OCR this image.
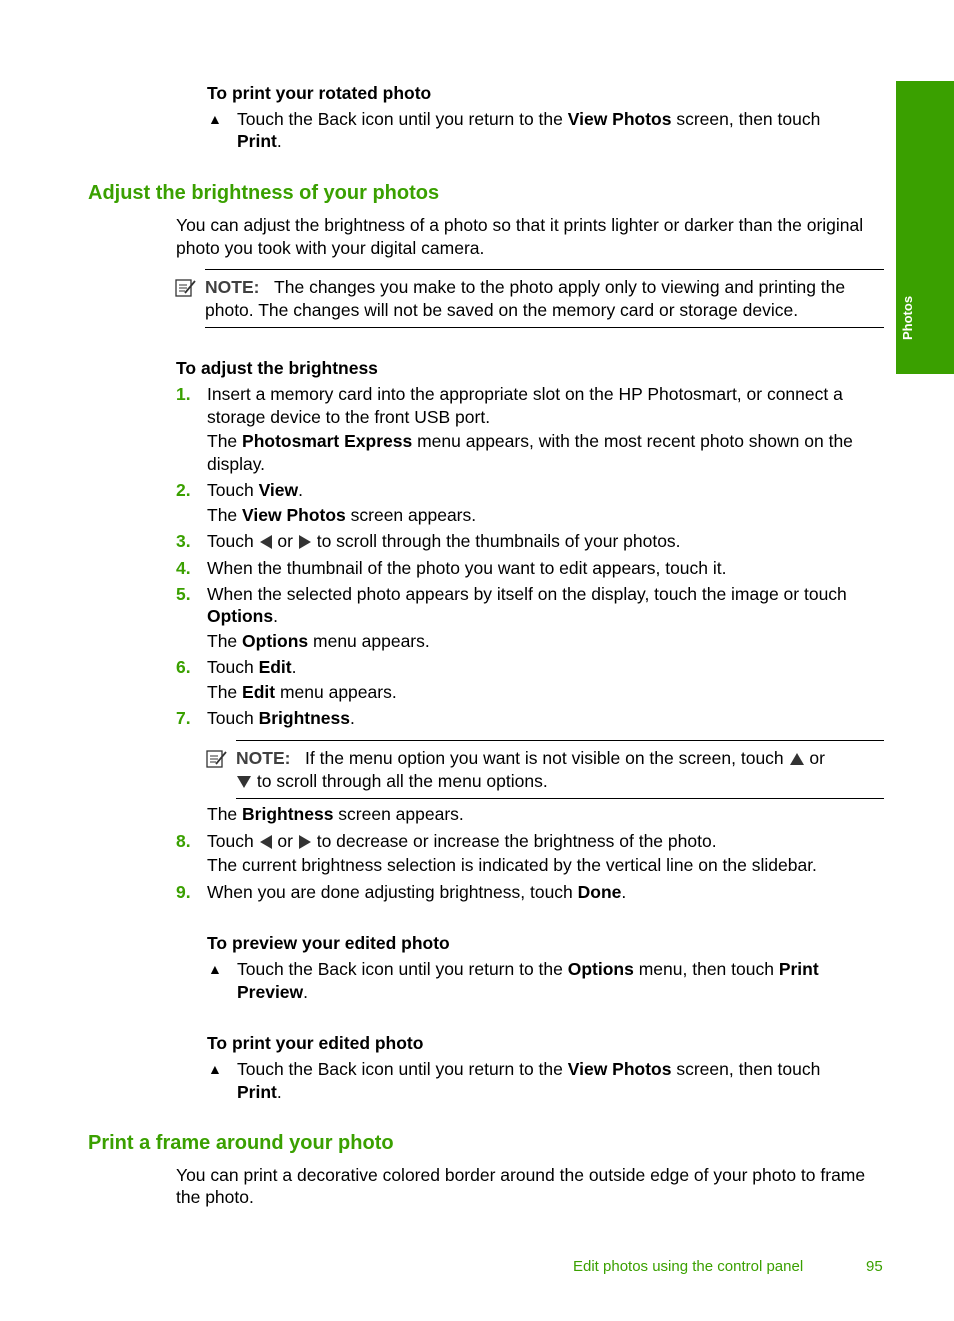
Photos
To print your rotated photo
▲ Touch the Back icon until you return to the View Photos screen, then touch
Print.
Adjust the brightness of your photos
You can adjust the brightness of a photo so that it prints lighter or darker than the original
photo you took with your digital camera.
NOTE: The changes you make to the photo apply only to viewing and printing the
photo. The changes will not be saved on the memory card or storage device.
To adjust the brightness
1. Insert a memory card into the appropriate slot on the HP Photosmart, or connect a
storage device to the front USB port.
The Photosmart Express menu appears, with the most recent photo shown on the
display.
2. Touch View.
The View Photos screen appears.
3. Touch  or  to scroll through the thumbnails of your photos.
4. When the thumbnail of the photo you want to edit appears, touch it.
5. When the selected photo appears by itself on the display, touch the image or touch
Options.
The Options menu appears.
6. Touch Edit.
The Edit menu appears.
7. Touch Brightness.
NOTE: If the menu option you want is not visible on the screen, touch  or
to scroll through all the menu options.
The Brightness screen appears.
8. Touch  or  to decrease or increase the brightness of the photo.
The current brightness selection is indicated by the vertical line on the slidebar.
9. When you are done adjusting brightness, touch Done.
To preview your edited photo
▲ Touch the Back icon until you return to the Options menu, then touch Print
Preview.
To print your edited photo
▲ Touch the Back icon until you return to the View Photos screen, then touch
Print.
Print a frame around your photo
You can print a decorative colored border around the outside edge of your photo to frame
the photo.
Edit photos using the control panel	95
